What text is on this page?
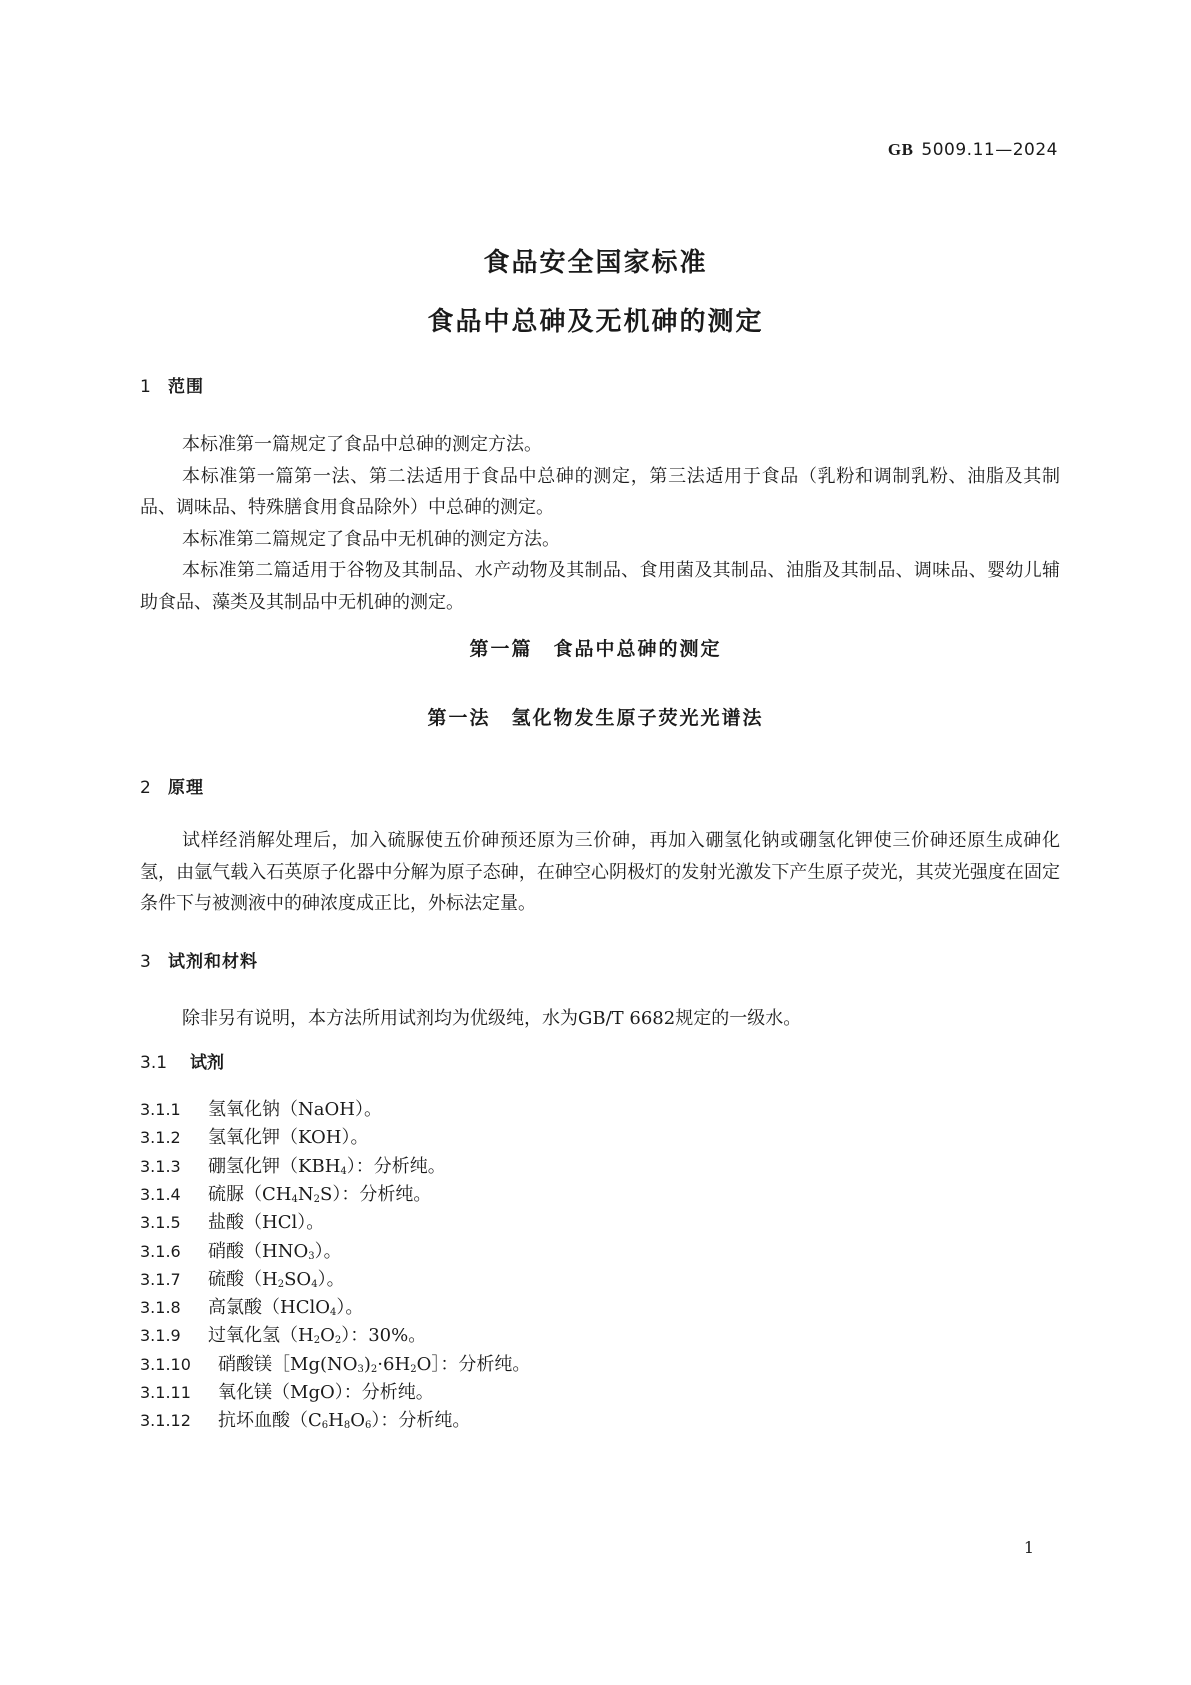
GB 5009.11—2024
食品安全国家标准
食品中总砷及无机砷的测定
1 范围
本标准第一篇规定了食品中总砷的测定方法。
本标准第一篇第一法、第二法适用于食品中总砷的测定，第三法适用于食品（乳粉和调制乳粉、油脂及其制品、调味品、特殊膳食用食品除外）中总砷的测定。
本标准第二篇规定了食品中无机砷的测定方法。
本标准第二篇适用于谷物及其制品、水产动物及其制品、食用菌及其制品、油脂及其制品、调味品、婴幼儿辅助食品、藻类及其制品中无机砷的测定。
第一篇　食品中总砷的测定
第一法　氢化物发生原子荧光光谱法
2 原理
试样经消解处理后，加入硫脲使五价砷预还原为三价砷，再加入硼氢化钠或硼氢化钾使三价砷还原生成砷化氢，由氩气载入石英原子化器中分解为原子态砷，在砷空心阴极灯的发射光激发下产生原子荧光，其荧光强度在固定条件下与被测液中的砷浓度成正比，外标法定量。
3 试剂和材料
除非另有说明，本方法所用试剂均为优级纯，水为GB/T 6682规定的一级水。
3.1 试剂
3.1.1 氢氧化钠（NaOH）。
3.1.2 氢氧化钾（KOH）。
3.1.3 硼氢化钾$(KBH_4)$：分析纯。
3.1.4 硫脲$(CH_4N_2S)$：分析纯。
3.1.5 盐酸（HCl）。
3.1.6 硝酸$(HNO_3)$。
3.1.7 硫酸$(H_2SO_4)$。
3.1.8 高氯酸（HClO$_4$）。
3.1.9 过氧化氢$(H_2O_2)$：30%。
3.1.10 硝酸镁$[Mg(NO_3)_2\cdot 6H_2O]$：分析纯。
3.1.11 氧化镁（MgO）：分析纯。
3.1.12 抗坏血酸$(C_6H_8O_6)$：分析纯。
1
